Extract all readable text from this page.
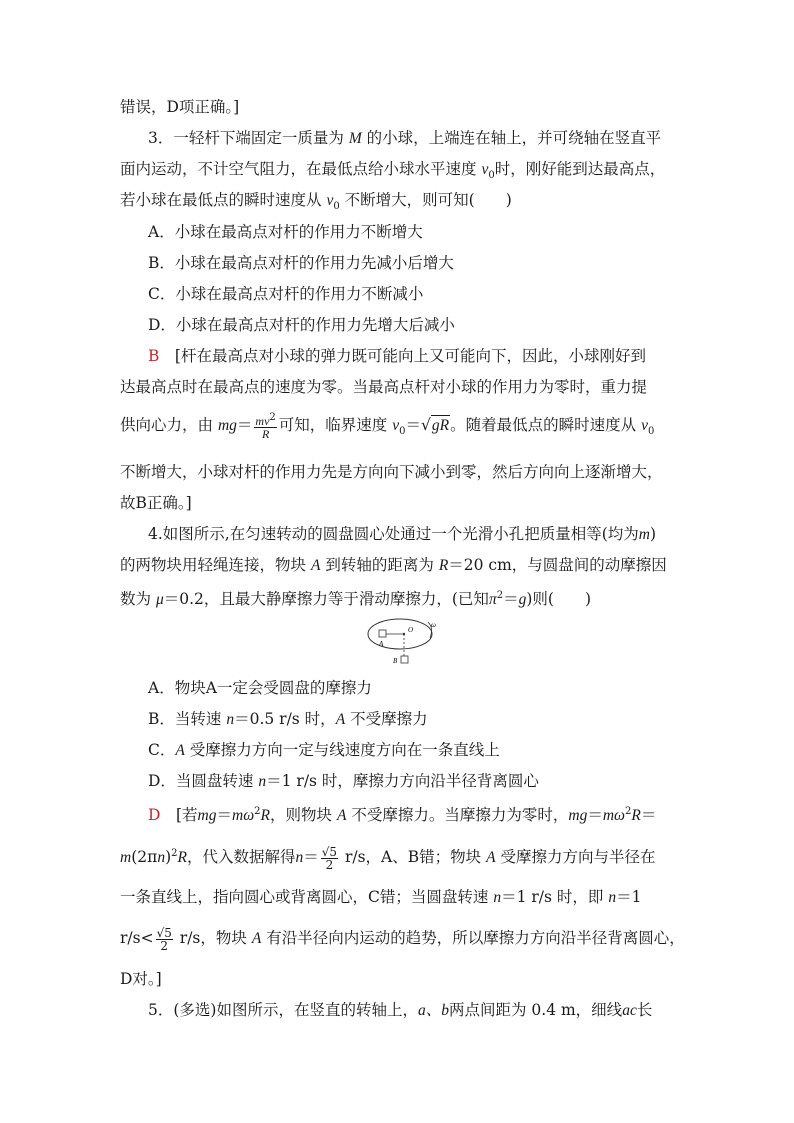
错误，D项正确。]
3．一轻杆下端固定一质量为 M 的小球，上端连在轴上，并可绕轴在竖直平
面内运动，不计空气阻力，在最低点给小球水平速度 $v_0$时，刚好能到达最高点，
若小球在最低点的瞬时速度从 $v_0$ 不断增大，则可知(　　)
A．小球在最高点对杆的作用力不断增大
B．小球在最高点对杆的作用力先减小后增大
C．小球在最高点对杆的作用力不断减小
D．小球在最高点对杆的作用力先增大后减小
B　 [杆在最高点对小球的弹力既可能向上又可能向下，因此，小球刚好到
达最高点时在最高点的速度为零。当最高点杆对小球的作用力为零时，重力提
供向心力，由 $mg= \frac{mv^2}{R}$ 可知，临界速度 $v_0=√gR$。随着最低点的瞬时速度从 $v_0$
不断增大，小球对杆的作用力先是方向向下减小到零，然后方向向上逐渐增大，
故B正确。]
4.如图所示,在匀速转动的圆盘圆心处通过一个光滑小孔把质量相等(均为m)
的两物块用轻绳连接，物块 A 到转轴的距离为 R＝20 cm，与圆盘间的动摩擦因
数为 μ＝0.2，且最大静摩擦力等于滑动摩擦力，(已知$\pi^2=g$)则(　　)
A
O
B
ω
A．物块A一定会受圆盘的摩擦力
B．当转速 n＝0.5 r/s 时，A 不受摩擦力
C．A 受摩擦力方向一定与线速度方向在一条直线上
D．当圆盘转速 n＝1 r/s 时，摩擦力方向沿半径背离圆心
D　 [若$mg=m\omega^2R$，则物块 A 不受摩擦力。当摩擦力为零时，$mg=m\omega^2R=$
$m(2\pi n)^2R$，代入数据解得$n= \frac{√5}{2} r/s$，A、B错；物块 A 受摩擦力方向与半径在
一条直线上，指向圆心或背离圆心，C错；当圆盘转速 n＝1 r/s 时，即 n＝1
$r/s< \frac{√5}{2} r/s$，物块 A 有沿半径向内运动的趋势，所以摩擦力方向沿半径背离圆心，
D对。]
5．(多选)如图所示，在竖直的转轴上，a、b两点间距为 0.4 m，细线ac长
